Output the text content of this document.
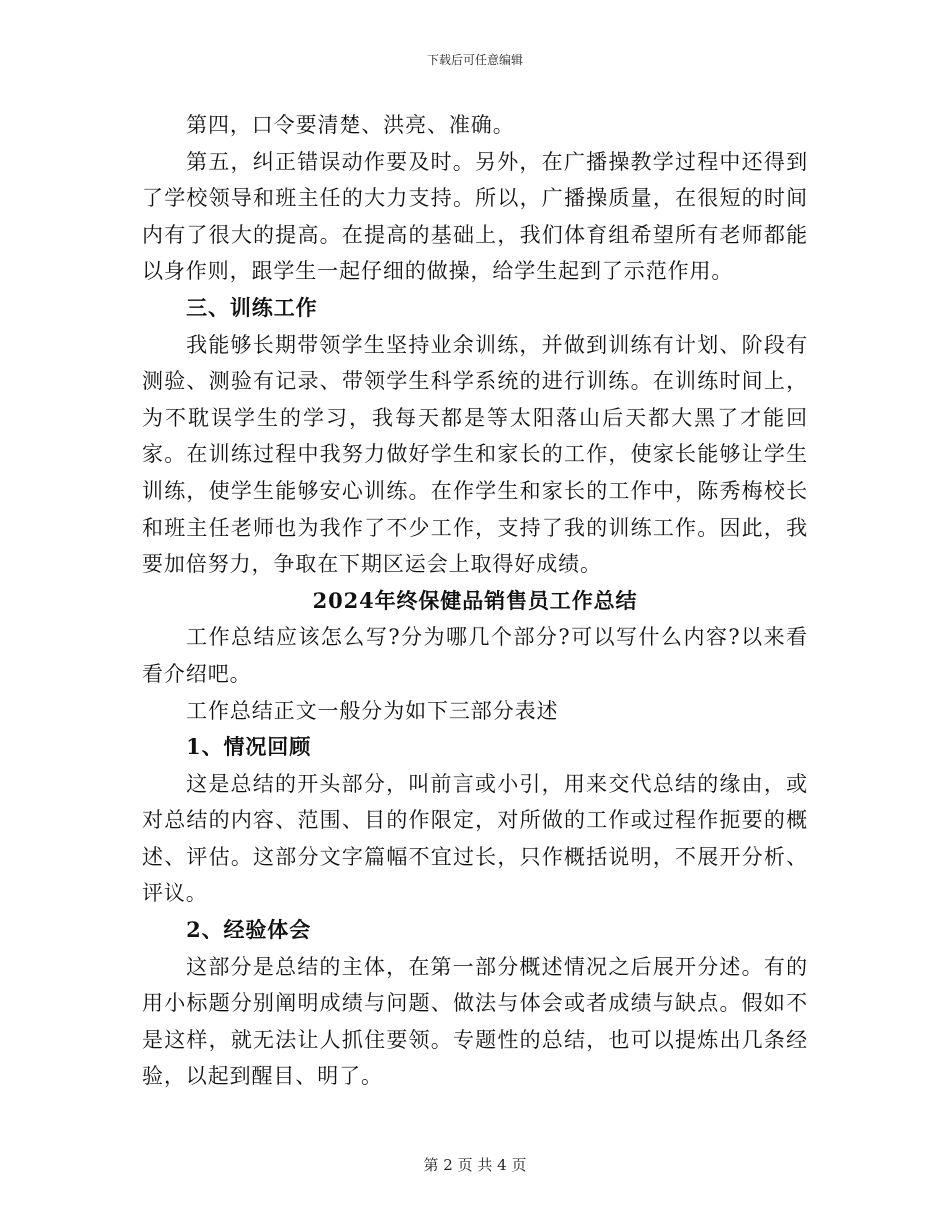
下载后可任意编辑

第四，口令要清楚、洪亮、准确。

第五，纠正错误动作要及时。另外，在广播操教学过程中还得到了学校领导和班主任的大力支持。所以，广播操质量，在很短的时间内有了很大的提高。在提高的基础上，我们体育组希望所有老师都能以身作则，跟学生一起仔细的做操，给学生起到了示范作用。

三、训练工作

我能够长期带领学生坚持业余训练，并做到训练有计划、阶段有测验、测验有记录、带领学生科学系统的进行训练。在训练时间上，为不耽误学生的学习，我每天都是等太阳落山后天都大黑了才能回家。在训练过程中我努力做好学生和家长的工作，使家长能够让学生训练，使学生能够安心训练。在作学生和家长的工作中，陈秀梅校长和班主任老师也为我作了不少工作，支持了我的训练工作。因此，我要加倍努力，争取在下期区运会上取得好成绩。

2024年终保健品销售员工作总结

工作总结应该怎么写?分为哪几个部分?可以写什么内容?以来看看介绍吧。

工作总结正文一般分为如下三部分表述

1、情况回顾

这是总结的开头部分，叫前言或小引，用来交代总结的缘由，或对总结的内容、范围、目的作限定，对所做的工作或过程作扼要的概述、评估。这部分文字篇幅不宜过长，只作概括说明，不展开分析、评议。

2、经验体会

这部分是总结的主体，在第一部分概述情况之后展开分述。有的用小标题分别阐明成绩与问题、做法与体会或者成绩与缺点。假如不是这样，就无法让人抓住要领。专题性的总结，也可以提炼出几条经验，以起到醒目、明了。

第 2 页 共 4 页
